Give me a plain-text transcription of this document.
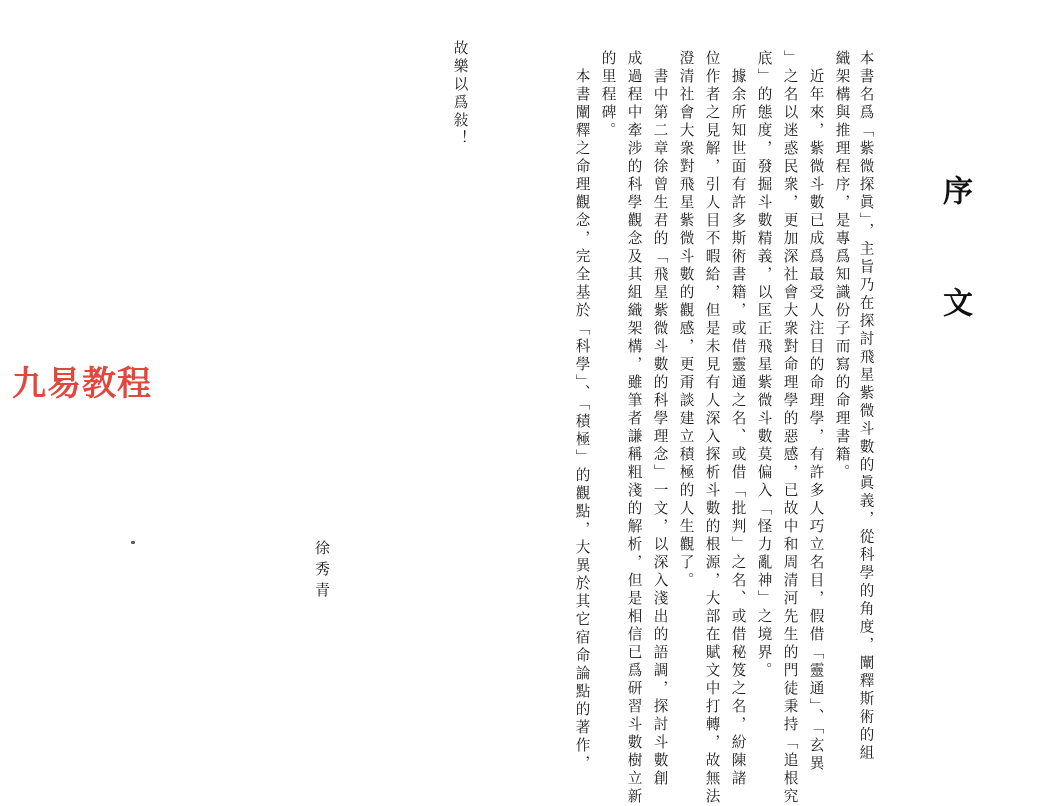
序　文
本書名爲「紫微探眞」，主旨乃在探討飛星紫微斗數的眞義，從科學的角度，闡釋斯術的組
織架構與推理程序，是專爲知識份子而寫的命理書籍。
近年來，紫微斗數已成爲最受人注目的命理學，有許多人巧立名目，假借「靈通」、「玄異
」之名以迷惑民衆，更加深社會大衆對命理學的惡感，已故中和周清河先生的門徒秉持「追根究
底」的態度，發掘斗數精義，以匡正飛星紫微斗數莫偏入「怪力亂神」之境界。
據余所知世面有許多斯術書籍，或借靈通之名、或借「批判」之名、或借秘笈之名，紛陳諸
位作者之見解，引人目不暇給，但是未見有人深入探析斗數的根源，大部在賦文中打轉，故無法
澄清社會大衆對飛星紫微斗數的觀感，更甭談建立積極的人生觀了。
書中第二章徐曾生君的「飛星紫微斗數的科學理念」一文，以深入淺出的語調，探討斗數創
成過程中牽涉的科學觀念及其組織架構，雖筆者謙稱粗淺的解析，但是相信已爲研習斗數樹立新
的里程碑。
本書闡釋之命理觀念，完全基於「科學」、「積極」的觀點，大異於其它宿命論點的著作，
故樂以爲敍！
徐秀青
九易教程
